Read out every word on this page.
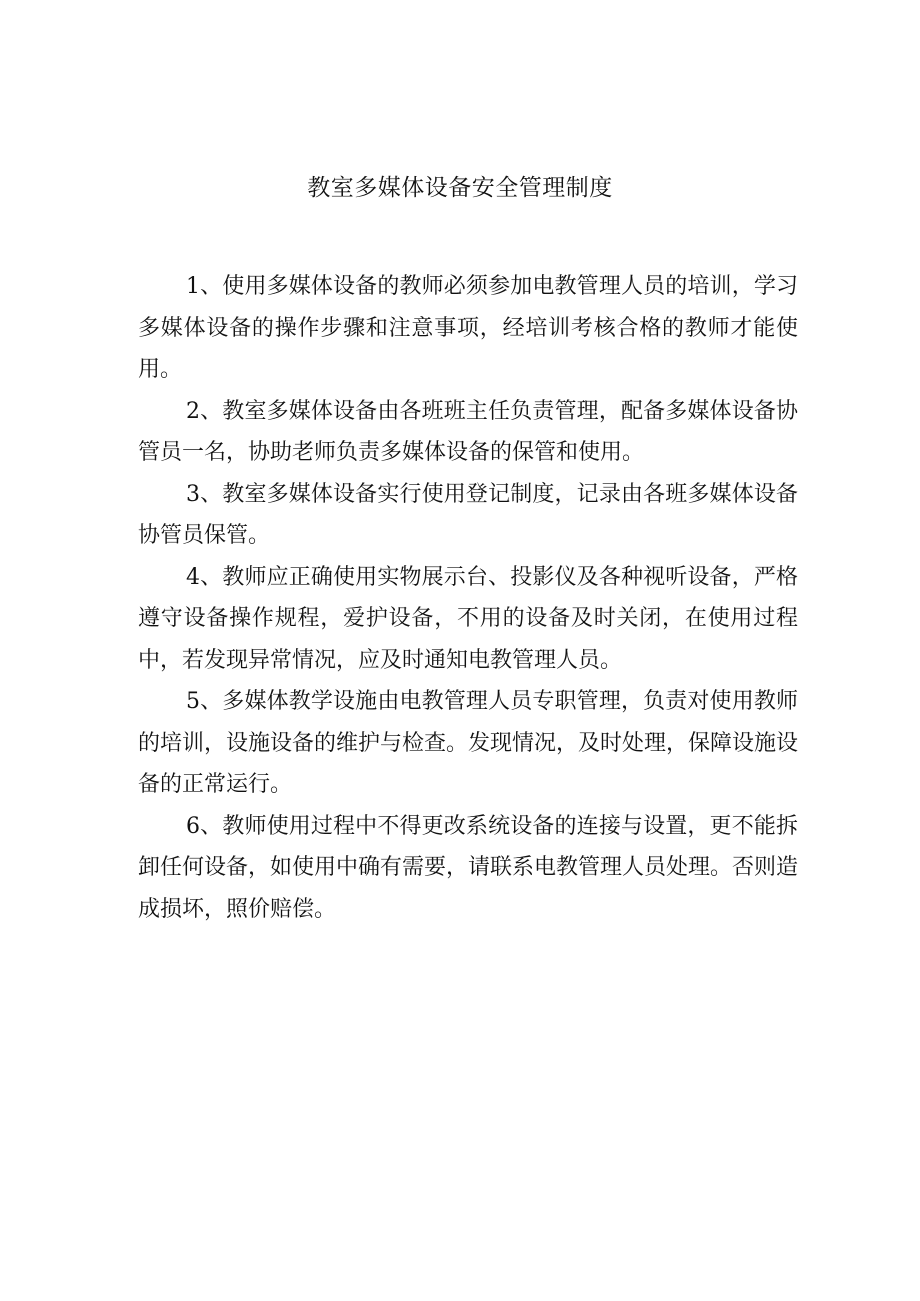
教室多媒体设备安全管理制度

1、使用多媒体设备的教师必须参加电教管理人员的培训，学习多媒体设备的操作步骤和注意事项，经培训考核合格的教师才能使用。

2、教室多媒体设备由各班班主任负责管理，配备多媒体设备协管员一名，协助老师负责多媒体设备的保管和使用。

3、教室多媒体设备实行使用登记制度，记录由各班多媒体设备协管员保管。

4、教师应正确使用实物展示台、投影仪及各种视听设备，严格遵守设备操作规程，爱护设备，不用的设备及时关闭，在使用过程中，若发现异常情况，应及时通知电教管理人员。

5、多媒体教学设施由电教管理人员专职管理，负责对使用教师的培训，设施设备的维护与检查。发现情况，及时处理，保障设施设备的正常运行。

6、教师使用过程中不得更改系统设备的连接与设置，更不能拆卸任何设备，如使用中确有需要，请联系电教管理人员处理。否则造成损坏，照价赔偿。
